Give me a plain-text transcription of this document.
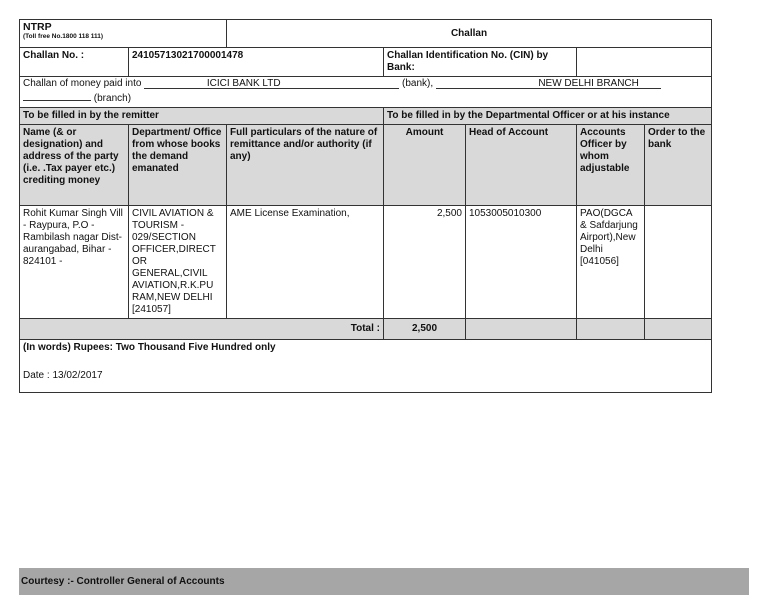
NTRP
(Toll free No.1800 118 111)		Challan				
Challan No. :	24105713021700001478		Challan Identification No. (CIN) by Bank:			

Challan of money paid into ICICI BANK LTD (bank), NEW DELHI BRANCH
(branch)						

To be filled in by the remitter			To be filled in by the Departmental Officer or at his instance			
Name (& or designation) and address of the party (i.e. .Tax payer etc.) crediting money	Department/ Office from whose books the demand emanated	Full particulars of the nature of remittance and/or authority (if any)	Amount	Head of Account	Accounts Officer by whom adjustable	Order to the bank
Rohit Kumar Singh Vill - Raypura, P.O - Rambilash nagar Dist-aurangabad, Bihar - 824101 -	CIVIL AVIATION & TOURISM - 029/SECTION OFFICER,DIRECT OR GENERAL,CIVIL AVIATION,R.K.PU RAM,NEW DELHI [241057]	AME License Examination,	2,500	1053005010300	PAO(DGCA & Safdarjung Airport),New Delhi [041056]	
Total :			2,500			

(In words) Rupees: Two Thousand Five Hundred only
Date : 13/02/2017						
Courtesy :- Controller General of Accounts
